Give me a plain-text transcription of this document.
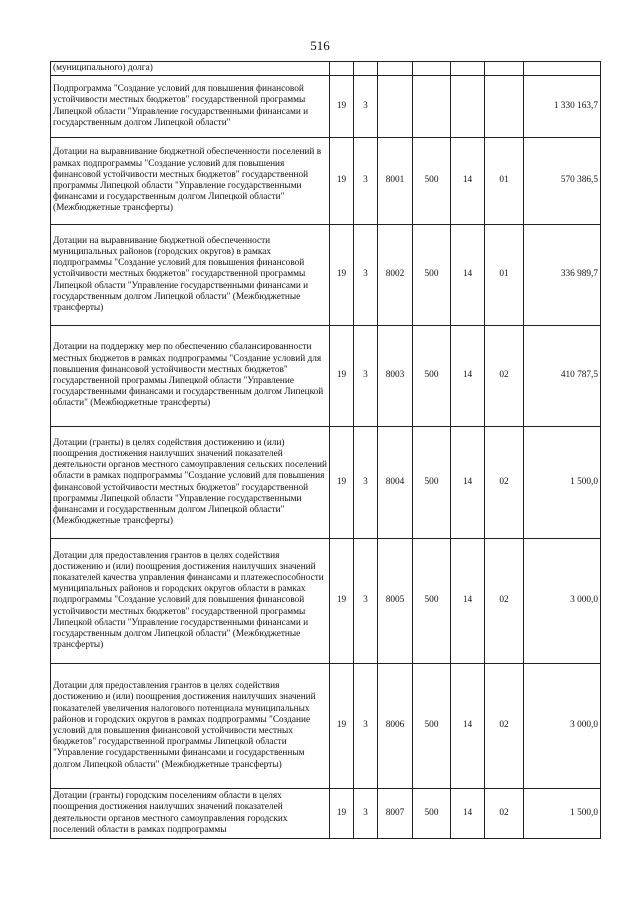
516
(муниципального) долга)							
Подпрограмма "Создание условий для повышения финансовой устойчивости местных бюджетов" государственной программы Липецкой области "Управление государственными финансами и государственным долгом Липецкой области"	19	3					1 330 163,7
Дотации на выравнивание бюджетной обеспеченности поселений в рамках подпрограммы "Создание условий для повышения финансовой устойчивости местных бюджетов" государственной программы Липецкой области "Управление государственными финансами и государственным долгом Липецкой области" (Межбюджетные трансферты)	19	3	8001	500	14	01	570 386,5
Дотации на выравнивание бюджетной обеспеченности муниципальных районов (городских округов) в рамках подпрограммы "Создание условий для повышения финансовой устойчивости местных бюджетов" государственной программы Липецкой области "Управление государственными финансами и государственным долгом Липецкой области" (Межбюджетные трансферты)	19	3	8002	500	14	01	336 989,7
Дотации на поддержку мер по обеспечению сбалансированности местных бюджетов в рамках подпрограммы "Создание условий для повышения финансовой устойчивости местных бюджетов" государственной программы Липецкой области "Управление государственными финансами и государственным долгом Липецкой области" (Межбюджетные трансферты)	19	3	8003	500	14	02	410 787,5
Дотации (гранты) в целях содействия достижению и (или) поощрения достижения наилучших значений показателей деятельности органов местного самоуправления сельских поселений области в рамках подпрограммы "Создание условий для повышения финансовой устойчивости местных бюджетов" государственной программы Липецкой области "Управление государственными финансами и государственным долгом Липецкой области" (Межбюджетные трансферты)	19	3	8004	500	14	02	1 500,0
Дотации для предоставления грантов в целях содействия достижению и (или) поощрения достижения наилучших значений показателей качества управления финансами и платежеспособности муниципальных районов и городских округов области в рамках подпрограммы "Создание условий для повышения финансовой устойчивости местных бюджетов" государственной программы Липецкой области "Управление государственными финансами и государственным долгом Липецкой области" (Межбюджетные трансферты)	19	3	8005	500	14	02	3 000,0
Дотации для предоставления грантов в целях содействия достижению и (или) поощрения достижения наилучших значений показателей увеличения налогового потенциала муниципальных районов и городских округов в рамках подпрограммы "Создание условий для повышения финансовой устойчивости местных бюджетов" государственной программы Липецкой области "Управление государственными финансами и государственным долгом Липецкой области" (Межбюджетные трансферты)	19	3	8006	500	14	02	3 000,0
Дотации (гранты) городским поселениям области в целях поощрения достижения наилучших значений показателей деятельности органов местного самоуправления городских поселений области в рамках подпрограммы	19	3	8007	500	14	02	1 500,0
